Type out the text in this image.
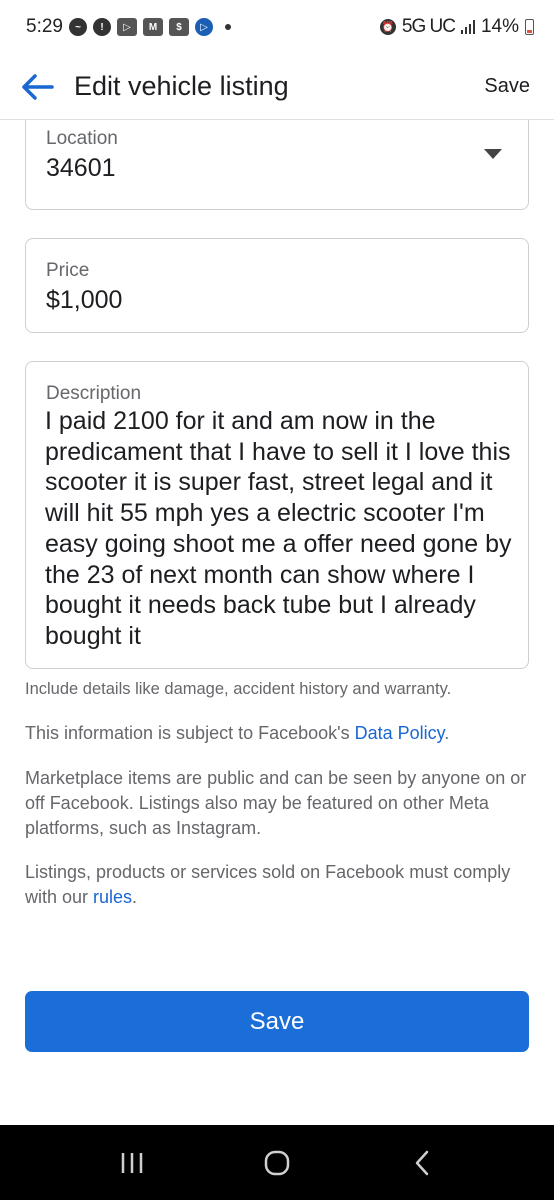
5:29	~	!	▷	M	$	▷	⏰ 5G UC 14%
Edit vehicle listing	Save
Location
34601
Price
$1,000
Description
I paid 2100 for it and am now in the predicament that I have to sell it I love this scooter it is super fast, street legal and it will hit 55 mph yes a electric scooter I'm easy going shoot me a offer need gone by the 23 of next month can show where I bought it needs back tube but I already bought it
Include details like damage, accident history and warranty.
This information is subject to Facebook's Data Policy.
Marketplace items are public and can be seen by anyone on or off Facebook. Listings also may be featured on other Meta platforms, such as Instagram.
Listings, products or services sold on Facebook must comply with our rules.
Save
